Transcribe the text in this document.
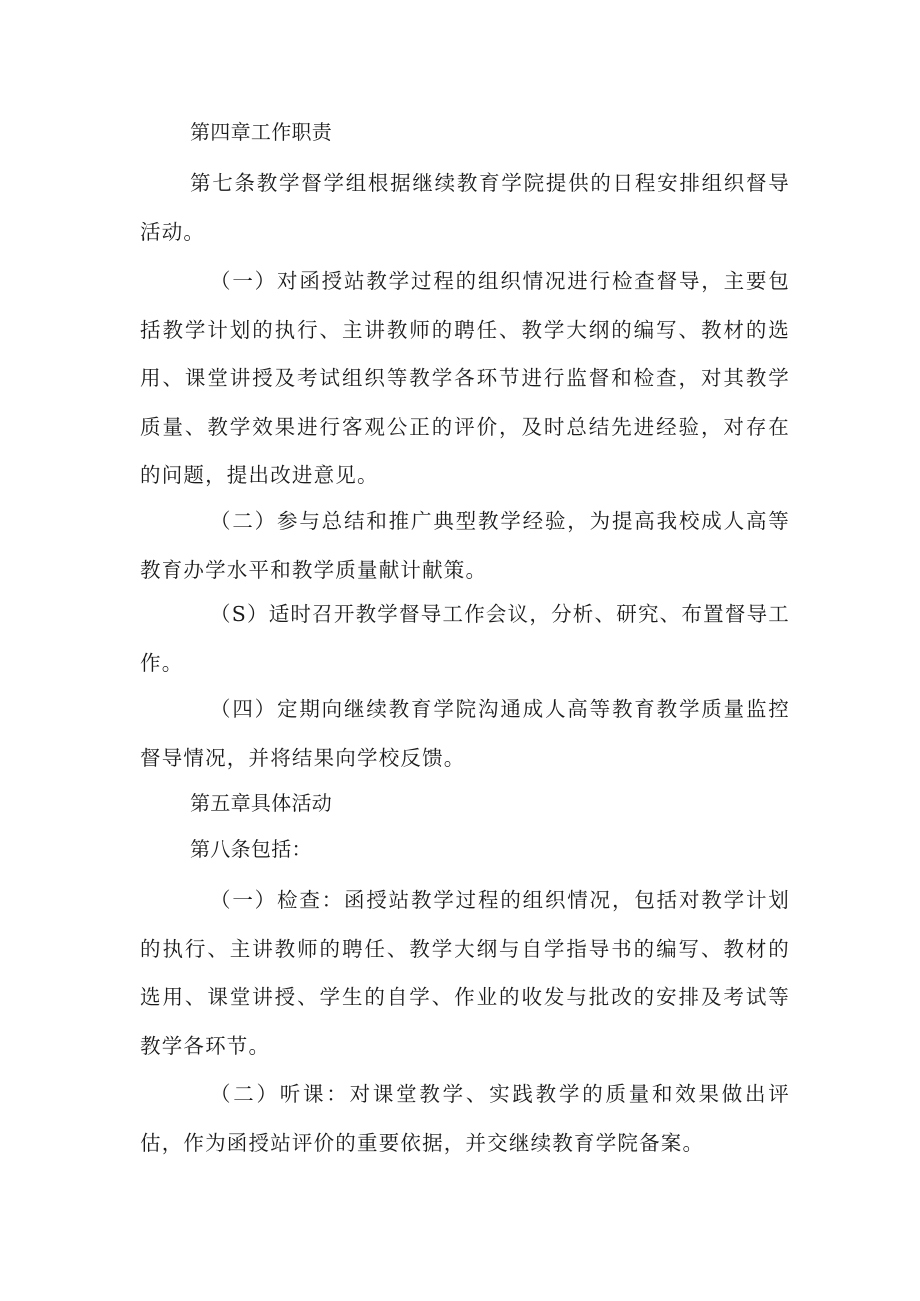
第四章工作职责

第七条教学督学组根据继续教育学院提供的日程安排组织督导活动。

（一）对函授站教学过程的组织情况进行检查督导，主要包括教学计划的执行、主讲教师的聘任、教学大纲的编写、教材的选用、课堂讲授及考试组织等教学各环节进行监督和检查，对其教学质量、教学效果进行客观公正的评价，及时总结先进经验，对存在的问题，提出改进意见。

（二）参与总结和推广典型教学经验，为提高我校成人高等教育办学水平和教学质量献计献策。

（S）适时召开教学督导工作会议，分析、研究、布置督导工作。

（四）定期向继续教育学院沟通成人高等教育教学质量监控督导情况，并将结果向学校反馈。

第五章具体活动

第八条包括：

（一）检查：函授站教学过程的组织情况，包括对教学计划的执行、主讲教师的聘任、教学大纲与自学指导书的编写、教材的选用、课堂讲授、学生的自学、作业的收发与批改的安排及考试等教学各环节。

（二）听课：对课堂教学、实践教学的质量和效果做出评估，作为函授站评价的重要依据，并交继续教育学院备案。
